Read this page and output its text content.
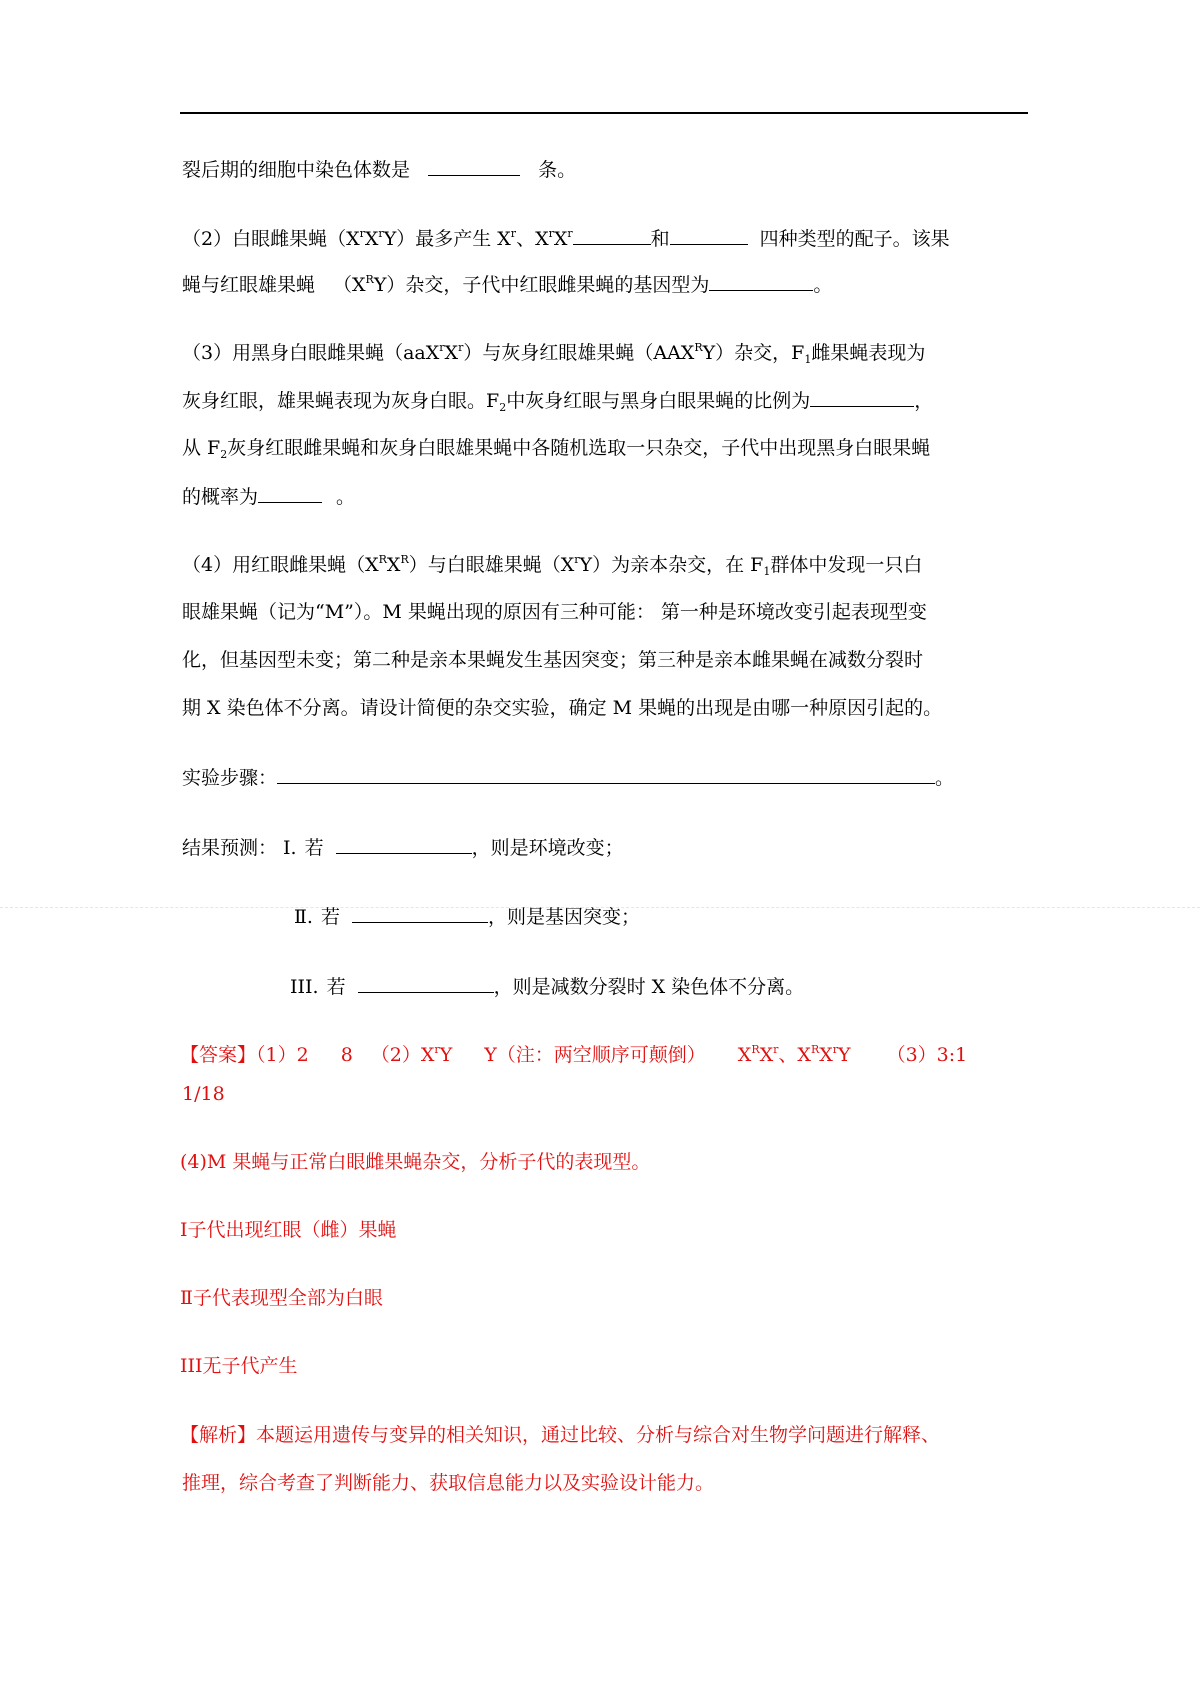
裂后期的细胞中染色体数是	条。
（2）白眼雌果蝇$(X^rX^rY)$最多产生 $X^r$、$X^rX^r$	和	四种类型的配子。该果
蝇与红眼雄果蝇 $(X^RY)$杂交，子代中红眼雌果蝇的基因型为	。
（3）用黑身白眼雌果蝇$(aaX^rX^r)$与灰身红眼雄果蝇$(AAX^RY)$杂交，$F_1$雌果蝇表现为
灰身红眼，雄果蝇表现为灰身白眼。$F_2$中灰身红眼与黑身白眼果蝇的比例为	，
从 $F_2$灰身红眼雌果蝇和灰身白眼雄果蝇中各随机选取一只杂交，子代中出现黑身白眼果蝇
的概率为	。
（4）用红眼雌果蝇$(X^RX^R)$与白眼雄果蝇$(X^rY)$为亲本杂交，在 $F_1$群体中发现一只白
眼雄果蝇（记为“M”）。M 果蝇出现的原因有三种可能： 第一种是环境改变引起表现型变
化，但基因型未变；第二种是亲本果蝇发生基因突变；第三种是亲本雌果蝇在减数分裂时
期 X 染色体不分离。请设计简便的杂交实验，确定 M 果蝇的出现是由哪一种原因引起的。
实验步骤：	。
结果预测： Ⅰ. 若	，则是环境改变；
Ⅱ. 若	，则是基因突变；
III. 若	，则是减数分裂时 X 染色体不分离。
【答案】（1）2 8 $(2)X^rY$ Y（注：两空顺序可颠倒） $X^RX^r$、$X^RX^rY$ （3）3:1
1/18
(4)M 果蝇与正常白眼雌果蝇杂交，分析子代的表现型。
Ⅰ子代出现红眼（雌）果蝇
Ⅱ子代表现型全部为白眼
III无子代产生
【解析】本题运用遗传与变异的相关知识，通过比较、分析与综合对生物学问题进行解释、
推理，综合考查了判断能力、获取信息能力以及实验设计能力。
